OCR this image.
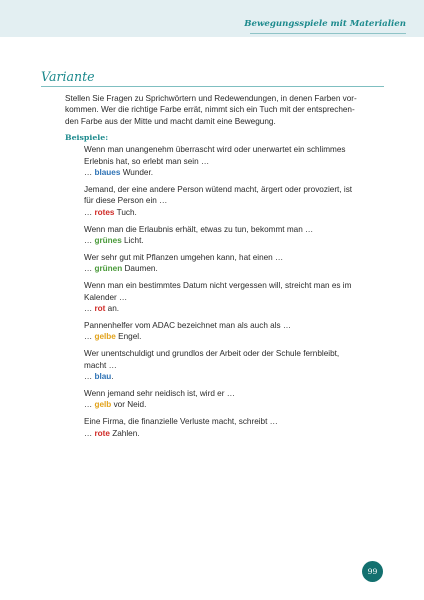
Bewegungsspiele mit Materialien
Variante
Stellen Sie Fragen zu Sprichwörtern und Redewendungen, in denen Farben vor-
kommen. Wer die richtige Farbe errät, nimmt sich ein Tuch mit der entsprechen-
den Farbe aus der Mitte und macht damit eine Bewegung.
Beispiele:
Wenn man unangenehm überrascht wird oder unerwartet ein schlimmes
Erlebnis hat, so erlebt man sein …
… blaues Wunder.
Jemand, der eine andere Person wütend macht, ärgert oder provoziert, ist
für diese Person ein …
… rotes Tuch.
Wenn man die Erlaubnis erhält, etwas zu tun, bekommt man …
… grünes Licht.
Wer sehr gut mit Pflanzen umgehen kann, hat einen …
… grünen Daumen.
Wenn man ein bestimmtes Datum nicht vergessen will, streicht man es im
Kalender …
… rot an.
Pannenhelfer vom ADAC bezeichnet man als auch als …
… gelbe Engel.
Wer unentschuldigt und grundlos der Arbeit oder der Schule fernbleibt,
macht …
… blau.
Wenn jemand sehr neidisch ist, wird er …
… gelb vor Neid.
Eine Firma, die finanzielle Verluste macht, schreibt …
… rote Zahlen.
99
